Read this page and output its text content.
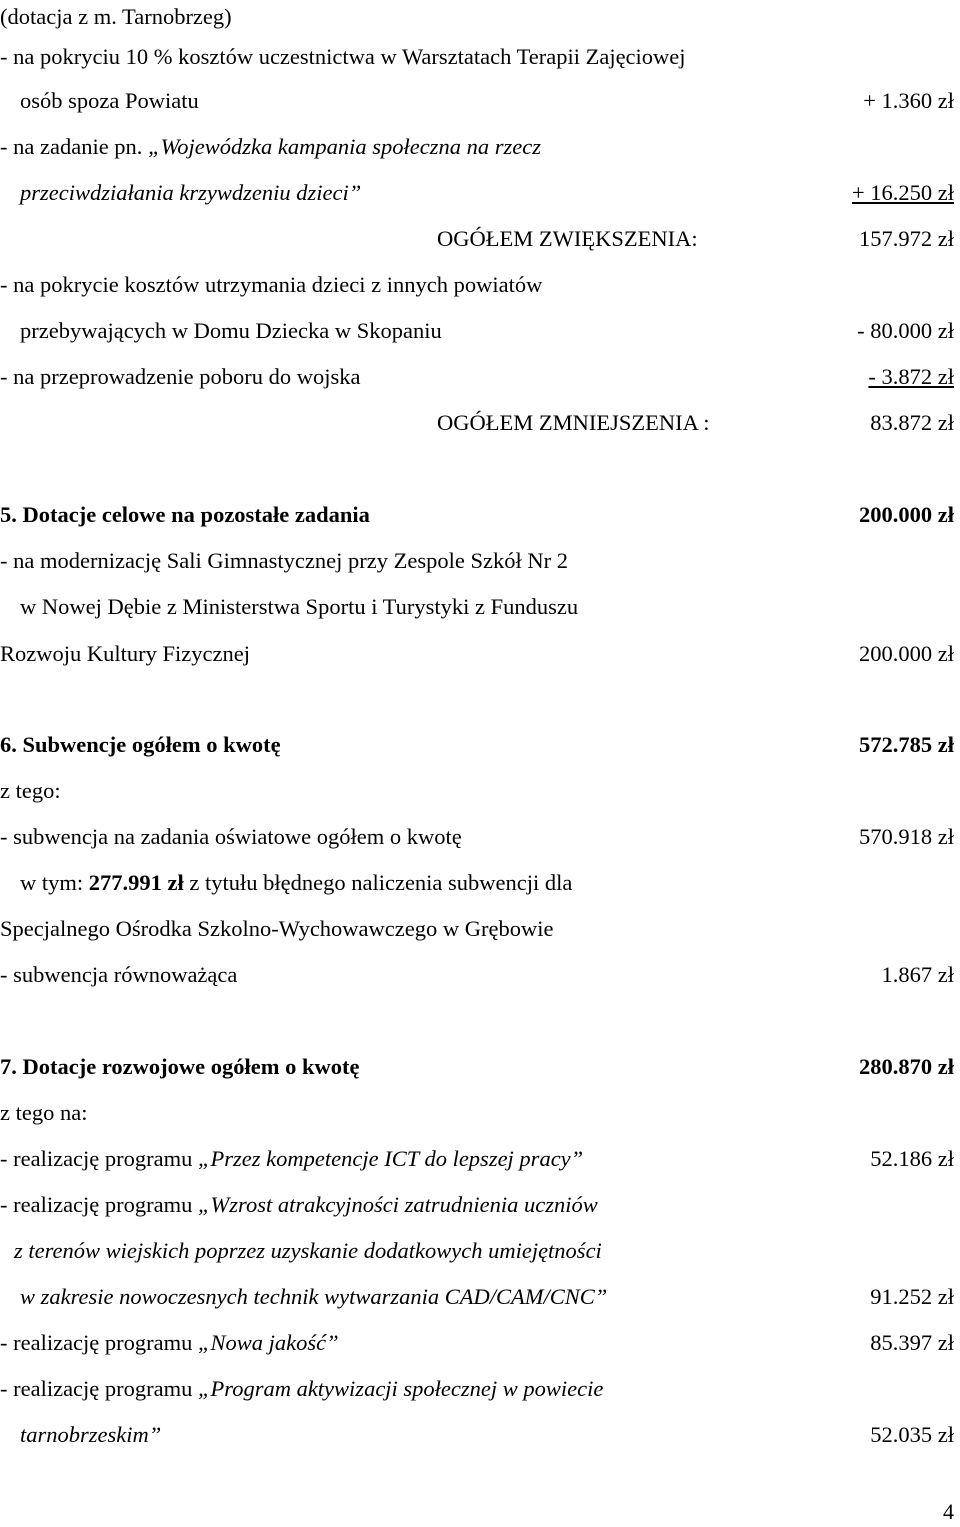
(dotacja z m. Tarnobrzeg)
- na pokryciu 10 % kosztów uczestnictwa w Warsztatach Terapii Zajęciowej
osób spoza Powiatu	+ 1.360 zł
- na zadanie pn. „Wojewódzka kampania społeczna na rzecz
przeciwdziałania krzywdzeniu dzieci”	+ 16.250 zł
OGÓŁEM ZWIĘKSZENIA:	157.972 zł
- na pokrycie kosztów utrzymania dzieci z innych powiatów
przebywających w Domu Dziecka w Skopaniu	- 80.000 zł
- na przeprowadzenie poboru do wojska	- 3.872 zł
OGÓŁEM ZMNIEJSZENIA :	83.872 zł
5. Dotacje celowe na pozostałe zadania	200.000 zł
- na modernizację Sali Gimnastycznej przy Zespole Szkół Nr 2
w Nowej Dębie z Ministerstwa Sportu i Turystyki z Funduszu
Rozwoju Kultury Fizycznej	200.000 zł
6. Subwencje ogółem o kwotę	572.785 zł
z tego:
- subwencja na zadania oświatowe ogółem o kwotę	570.918 zł
w tym: 277.991 zł z tytułu błędnego naliczenia subwencji dla
Specjalnego Ośrodka Szkolno-Wychowawczego w Grębowie
- subwencja równoważąca	1.867 zł
7. Dotacje rozwojowe ogółem o kwotę	280.870 zł
z tego na:
- realizację programu „Przez kompetencje ICT do lepszej pracy”	52.186 zł
- realizację programu „Wzrost atrakcyjności zatrudnienia uczniów
z terenów wiejskich poprzez uzyskanie dodatkowych umiejętności
w zakresie nowoczesnych technik wytwarzania CAD/CAM/CNC”	91.252 zł
- realizację programu „Nowa jakość”	85.397 zł
- realizację programu „Program aktywizacji społecznej w powiecie
tarnobrzeskim”	52.035 zł
4
